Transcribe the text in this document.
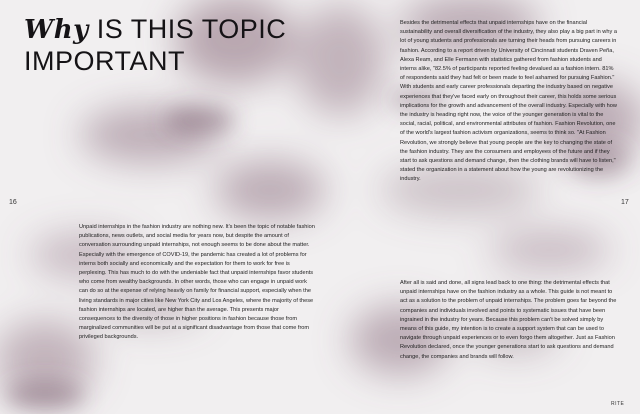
Why IS THIS TOPIC IMPORTANT
16	17

Unpaid internships in the fashion industry are nothing new. It's been the topic of notable fashion publications, news outlets, and social media for years now, but despite the amount of conversation surrounding unpaid internships, not enough seems to be done about the matter. Especially with the emergence of COVID-19, the pandemic has created a lot of problems for interns both socially and economically and the expectation for them to work for free is perplexing. This has much to do with the undeniable fact that unpaid internships favor students who come from wealthy backgrounds. In other words, those who can engage in unpaid work can do so at the expense of relying heavily on family for financial support, especially when the living standards in major cities like New York City and Los Angeles, where the majority of these fashion internships are located, are higher than the average. This presents major consequences to the diversity of those in higher positions in fashion because those from marginalized communities will be put at a significant disadvantage from those that come from privileged backgrounds.

Besides the detrimental effects that unpaid internships have on the financial sustainability and overall diversification of the industry, they also play a big part in why a lot of young students and professionals are turning their heads from pursuing careers in fashion. According to a report driven by University of Cincinnati students Draven Peña, Alexa Ream, and Elle Fermann with statistics gathered from fashion students and interns alike, "82.5% of participants reported feeling devalued as a fashion intern. 81% of respondents said they had felt or been made to feel ashamed for pursuing Fashion." With students and early career professionals departing the industry based on negative experiences that they've faced early on throughout their career, this holds some serious implications for the growth and advancement of the overall industry. Especially with how the industry is heading right now, the voice of the younger generation is vital to the social, racial, political, and environmental attributes of fashion. Fashion Revolution, one of the world's largest fashion activism organizations, seems to think so. "At Fashion Revolution, we strongly believe that young people are the key to changing the state of the fashion industry. They are the consumers and employees of the future and if they start to ask questions and demand change, then the clothing brands will have to listen," stated the organization in a statement about how the young are revolutionizing the industry.

After all is said and done, all signs lead back to one thing: the detrimental effects that unpaid internships have on the fashion industry as a whole. This guide is not meant to act as a solution to the problem of unpaid internships. The problem goes far beyond the companies and individuals involved and points to systematic issues that have been ingrained in the industry for years. Because this problem can't be solved simply by means of this guide, my intention is to create a support system that can be used to navigate through unpaid experiences or to even forgo them altogether. Just as Fashion Revolution declared, once the younger generations start to ask questions and demand change, the companies and brands will follow.

RITE
